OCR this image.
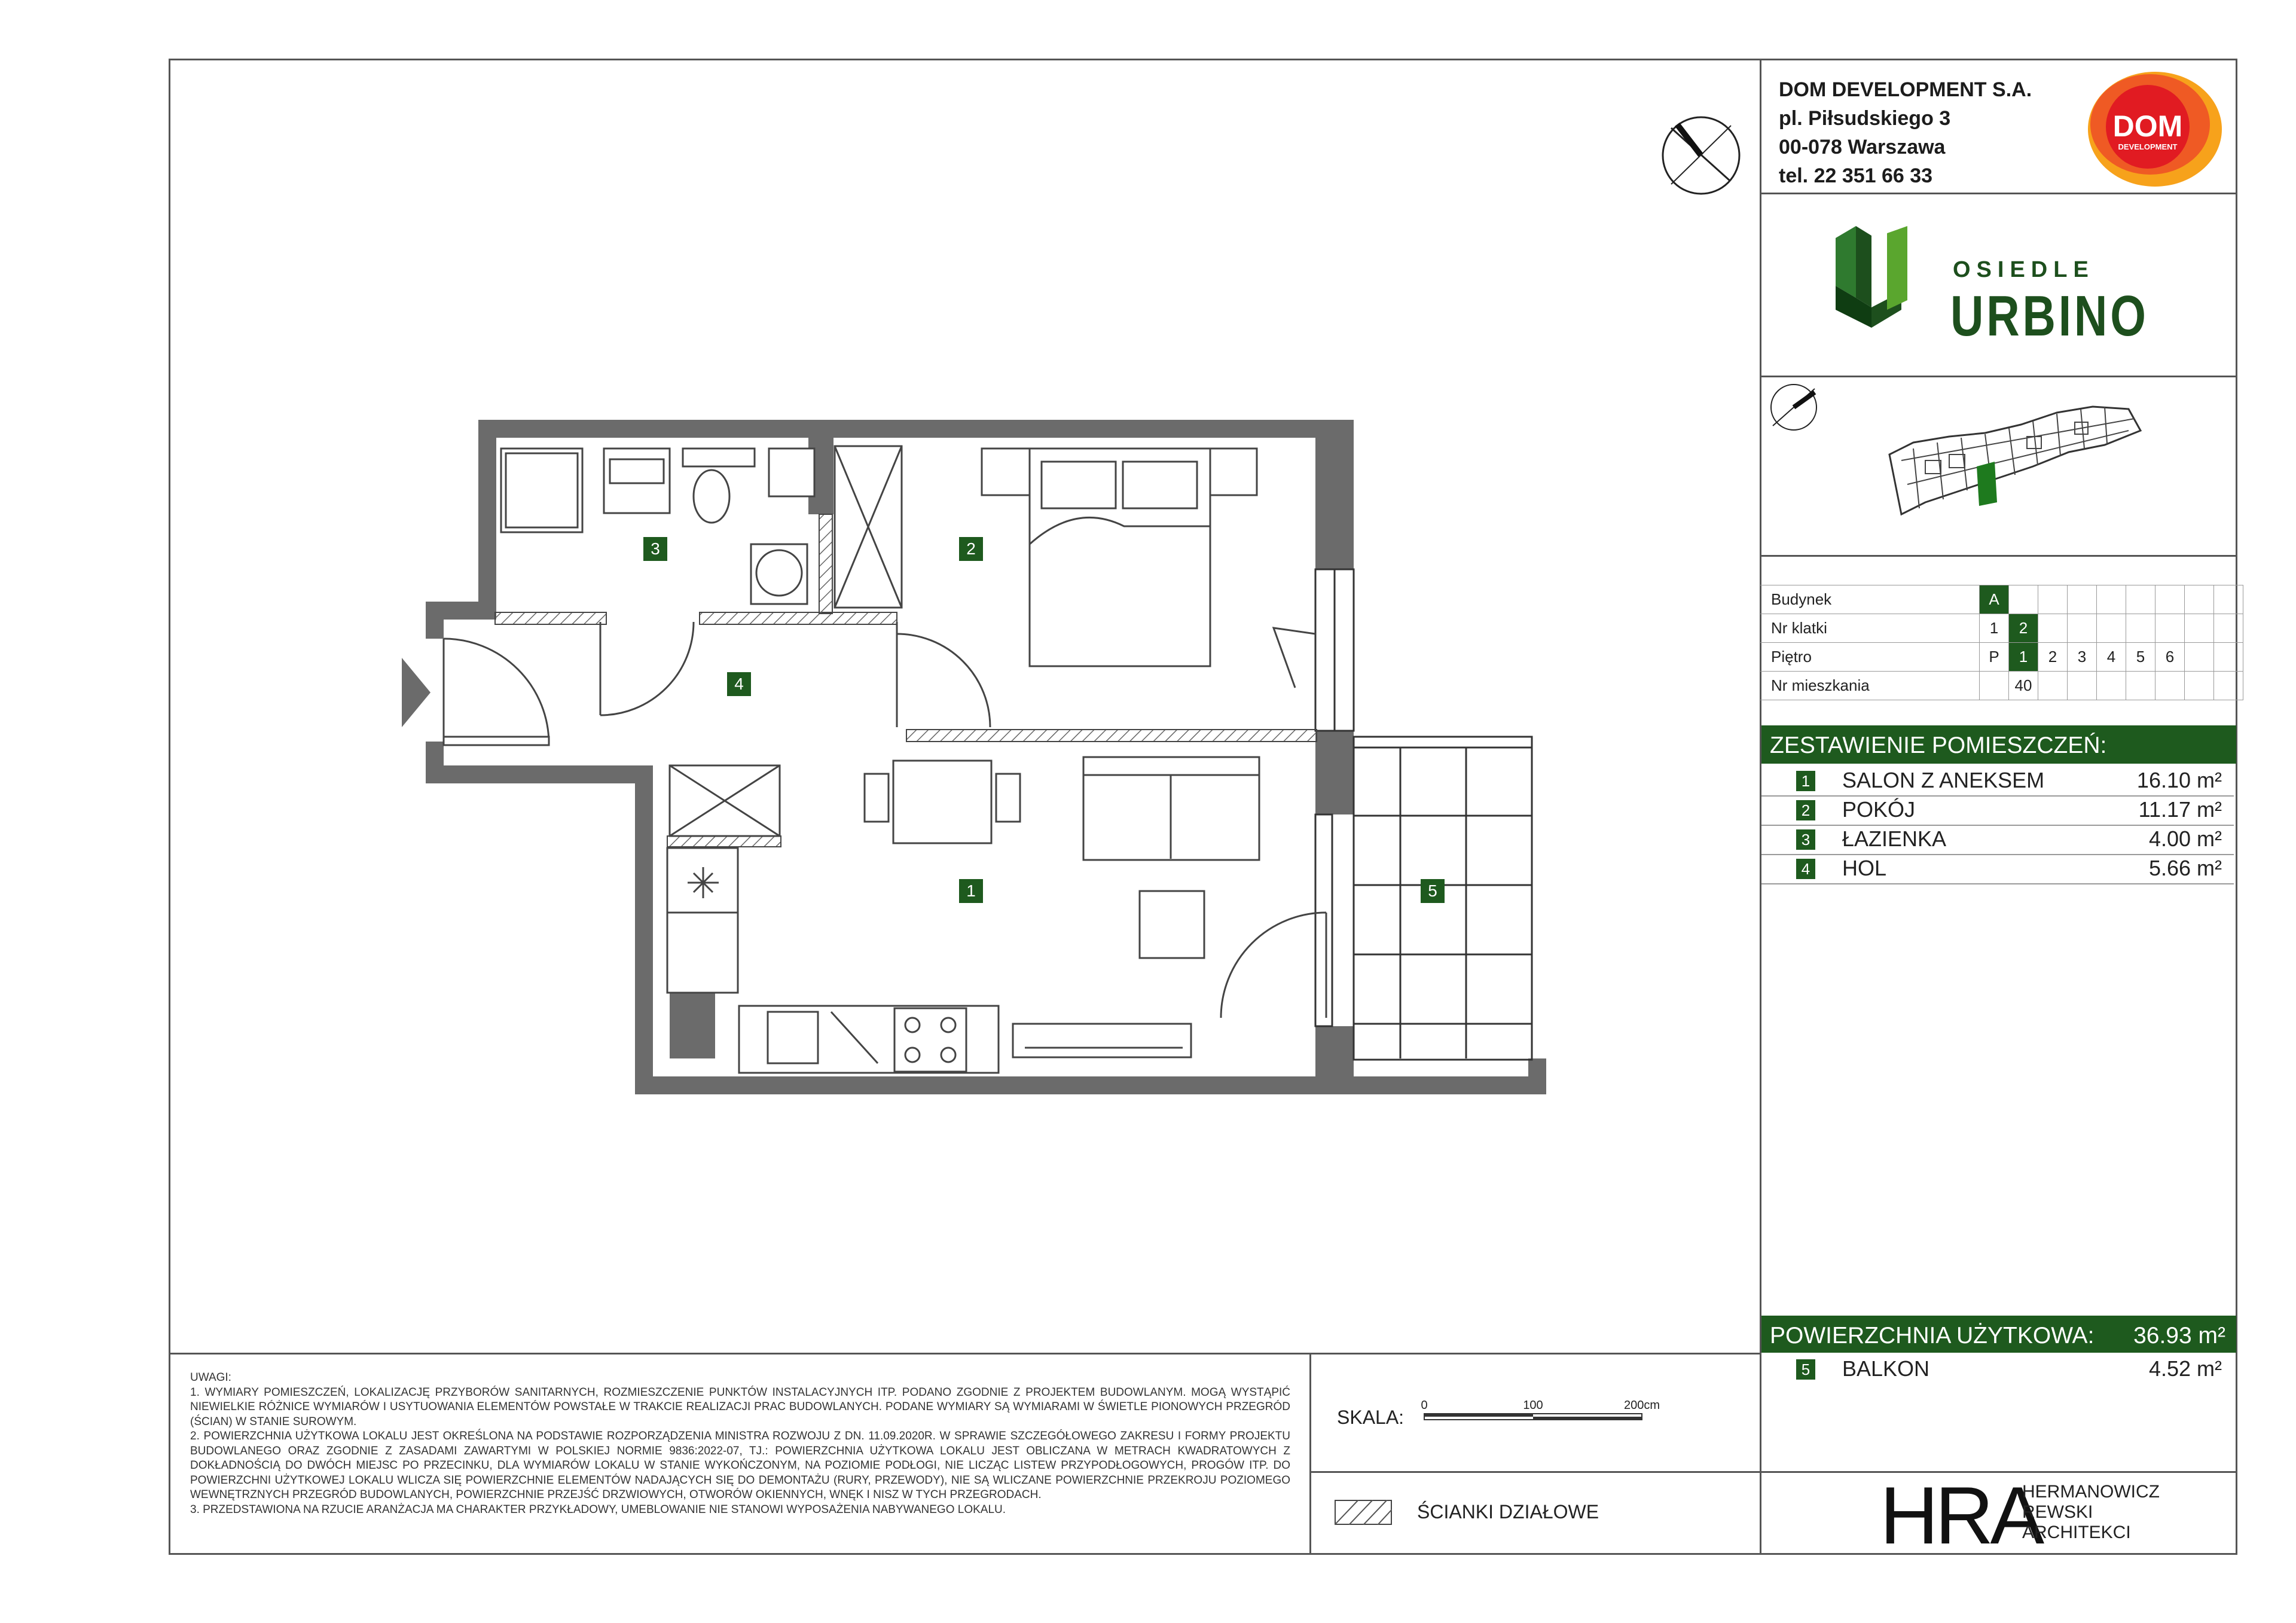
DOM DEVELOPMENT S.A.
pl. Piłsudskiego 3
00-078 Warszawa
tel. 22 351 66 33
DOM
DEVELOPMENT
OSIEDLE
URBINO
Budynek	A								
Nr klatki	1	2							
Piętro	P	1	2	3	4	5	6		
Nr mieszkania		40							
ZESTAWIENIE POMIESZCZEŃ:
1 SALON Z ANEKSEM	16.10 m²
2 POKÓJ	11.17 m²
3 ŁAZIENKA	4.00 m²
4 HOL	5.66 m²
POWIERZCHNIA UŻYTKOWA: 36.93 m²
5 BALKON	4.52 m²

UWAGI:

1. WYMIARY POMIESZCZEŃ, LOKALIZACJĘ PRZYBORÓW SANITARNYCH, ROZMIESZCZENIE PUNKTÓW INSTALACYJNYCH ITP. PODANO ZGODNIE Z PROJEKTEM BUDOWLANYM. MOGĄ WYSTĄPIĆ NIEWIELKIE RÓŻNICE WYMIARÓW I USYTUOWANIA ELEMENTÓW POWSTAŁE W TRAKCIE REALIZACJI PRAC BUDOWLANYCH. PODANE WYMIARY SĄ WYMIARAMI W ŚWIETLE PIONOWYCH PRZEGRÓD (ŚCIAN) W STANIE SUROWYM.

2. POWIERZCHNIA UŻYTKOWA LOKALU JEST OKREŚLONA NA PODSTAWIE ROZPORZĄDZENIA MINISTRA ROZWOJU Z DN. 11.09.2020R. W SPRAWIE SZCZEGÓŁOWEGO ZAKRESU I FORMY PROJEKTU BUDOWLANEGO ORAZ ZGODNIE Z ZASADAMI ZAWARTYMI W POLSKIEJ NORMIE 9836:2022-07, TJ.: POWIERZCHNIA UŻYTKOWA LOKALU JEST OBLICZANA W METRACH KWADRATOWYCH Z DOKŁADNOŚCIĄ DO DWÓCH MIEJSC PO PRZECINKU, DLA WYMIARÓW LOKALU W STANIE WYKOŃCZONYM, NA POZIOMIE PODŁOGI, NIE LICZĄC LISTEW PRZYPODŁOGOWYCH, PROGÓW ITP. DO POWIERZCHNI UŻYTKOWEJ LOKALU WLICZA SIĘ POWIERZCHNIE ELEMENTÓW NADAJĄCYCH SIĘ DO DEMONTAŻU (RURY, PRZEWODY), NIE SĄ WLICZANE POWIERZCHNIE PRZEKROJU POZIOMEGO WEWNĘTRZNYCH PRZEGRÓD BUDOWLANYCH, POWIERZCHNIE PRZEJŚĆ DRZWIOWYCH, OTWORÓW OKIENNYCH, WNĘK I NISZ W TYCH PRZEGRODACH.

3. PRZEDSTAWIONA NA RZUCIE ARANŻACJA MA CHARAKTER PRZYKŁADOWY, UMEBLOWANIE NIE STANOWI WYPOSAŻENIA NABYWANEGO LOKALU.

SKALA:
0	100	200cm
ŚCIANKI DZIAŁOWE	HRA
HERMANOWICZ
REWSKI
ARCHITEKCI
1
2
3
4
5
